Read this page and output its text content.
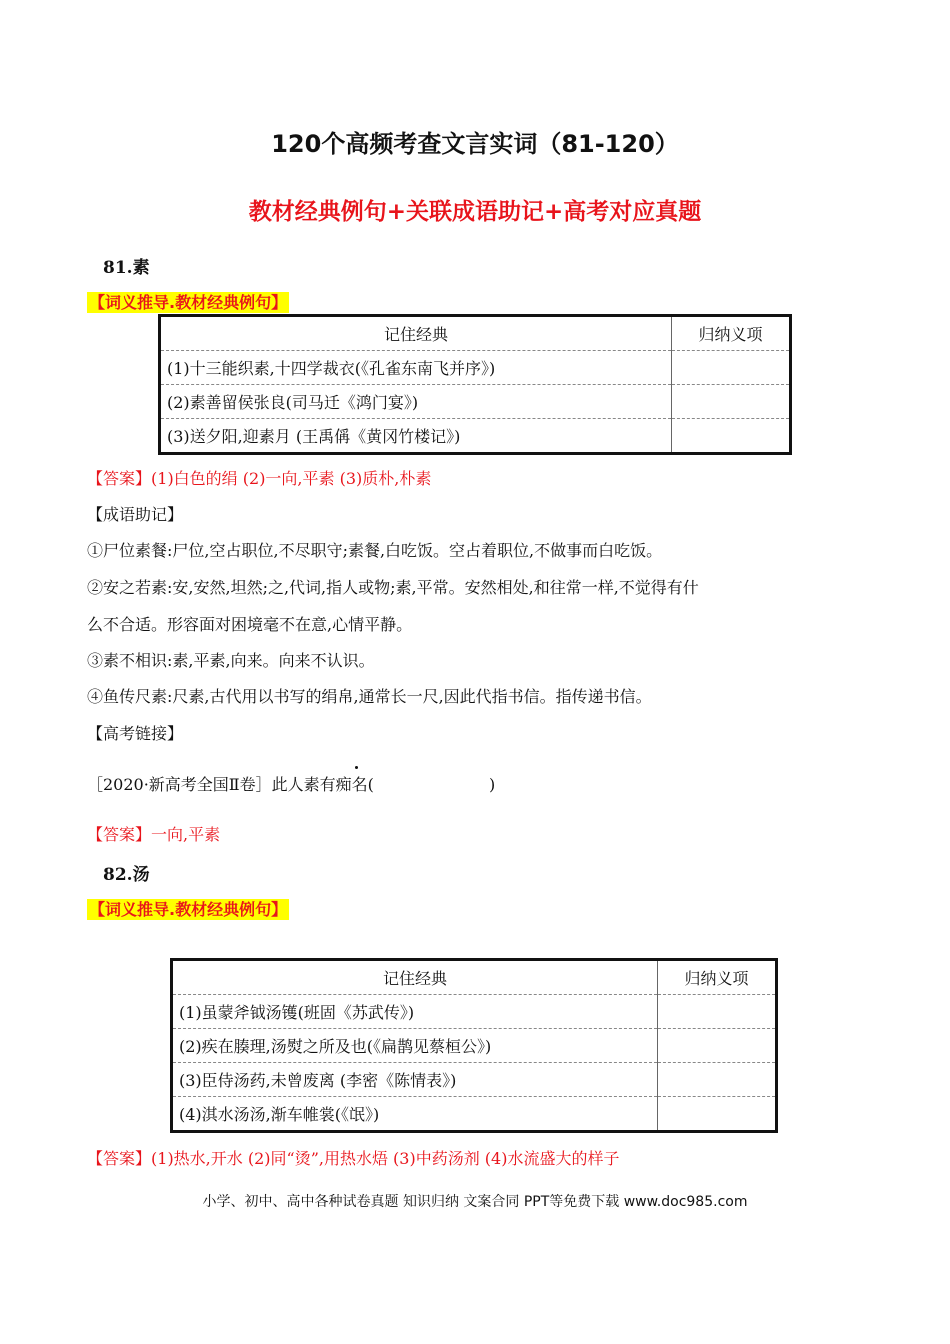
120个高频考查文言实词（81-120）
教材经典例句+关联成语助记+高考对应真题
81.素
【词义推导.教材经典例句】
记住经典	归纳义项
(1)十三能织素,十四学裁衣(《孔雀东南飞并序》)	
(2)素善留侯张良(司马迁《鸿门宴》)	
(3)送夕阳,迎素月 (王禹偁《黄冈竹楼记》)	
【答案】(1)白色的绢 (2)一向,平素 (3)质朴,朴素
【成语助记】
①尸位素餐:尸位,空占职位,不尽职守;素餐,白吃饭。空占着职位,不做事而白吃饭。
②安之若素:安,安然,坦然;之,代词,指人或物;素,平常。安然相处,和往常一样,不觉得有什
么不合适。形容面对困境毫不在意,心情平静。
③素不相识:素,平素,向来。向来不认识。
④鱼传尺素:尺素,古代用以书写的绢帛,通常长一尺,因此代指书信。指传递书信。
【高考链接】
［2020·新高考全国Ⅱ卷］此人素有痴名(	)
【答案】一向,平素
82.汤
【词义推导.教材经典例句】
记住经典	归纳义项
(1)虽蒙斧钺汤镬(班固《苏武传》)	
(2)疾在腠理,汤熨之所及也(《扁鹊见蔡桓公》)	
(3)臣侍汤药,未曾废离 (李密《陈情表》)	
(4)淇水汤汤,渐车帷裳(《氓》)	
【答案】(1)热水,开水 (2)同“烫”,用热水焐 (3)中药汤剂 (4)水流盛大的样子
小学、初中、高中各种试卷真题 知识归纳 文案合同 PPT等免费下载 www.doc985.com
